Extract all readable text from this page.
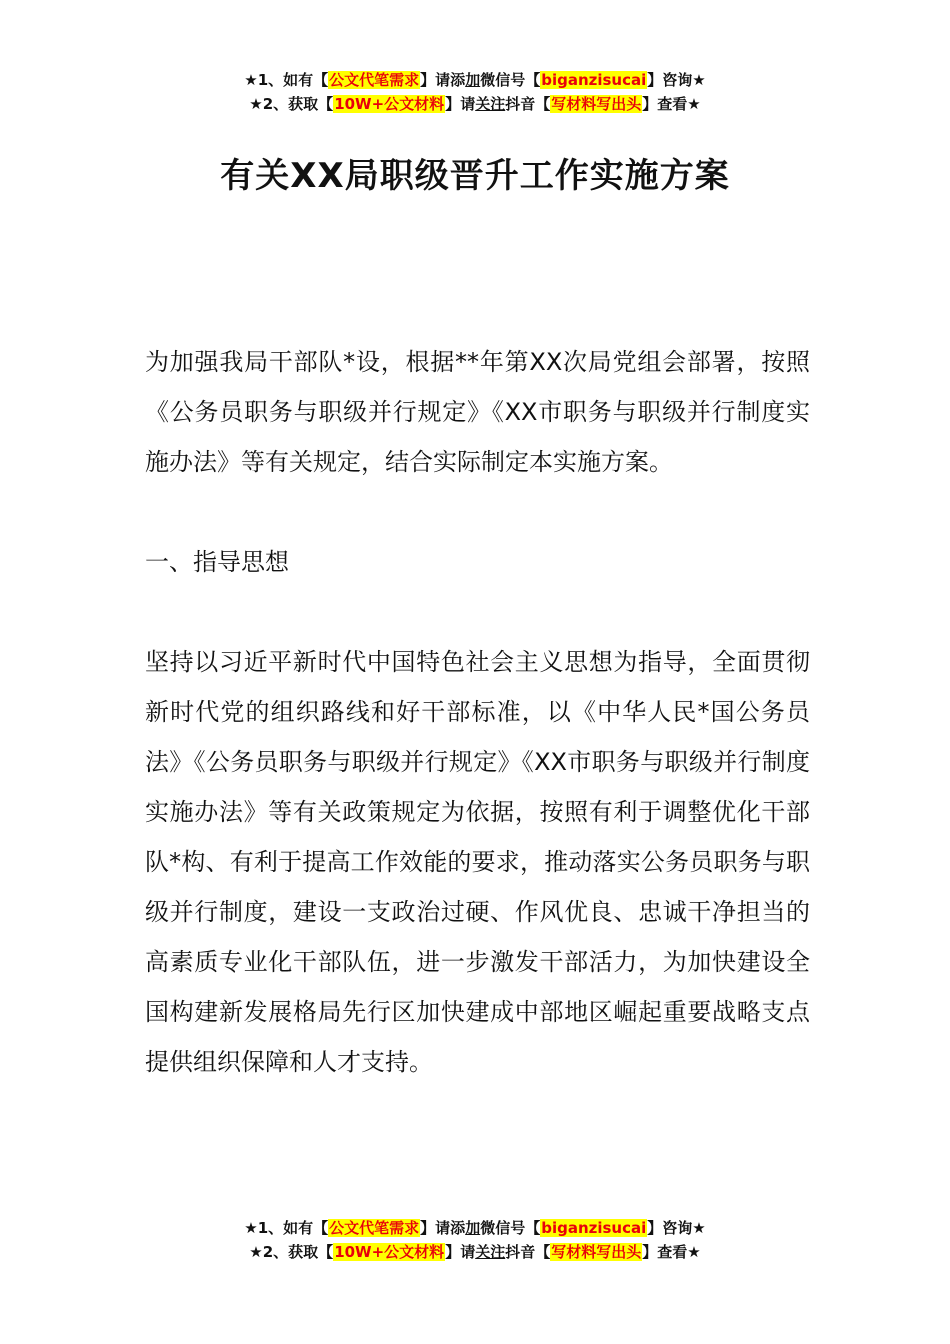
★1、如有【公文代笔需求】请添加微信号【biganzisucai】咨询★
★2、获取【10W+公文材料】请关注抖音【写材料写出头】查看★
有关XX局职级晋升工作实施方案

为加强我局干部队*设，根据**年第XX次局党组会部署，按照《公务员职务与职级并行规定》《XX市职务与职级并行制度实施办法》等有关规定，结合实际制定本实施方案。

一、指导思想

坚持以习近平新时代中国特色社会主义思想为指导，全面贯彻新时代党的组织路线和好干部标准，以《中华人民*国公务员法》《公务员职务与职级并行规定》《XX市职务与职级并行制度实施办法》等有关政策规定为依据，按照有利于调整优化干部队*构、有利于提高工作效能的要求，推动落实公务员职务与职级并行制度，建设一支政治过硬、作风优良、忠诚干净担当的高素质专业化干部队伍，进一步激发干部活力，为加快建设全国构建新发展格局先行区加快建成中部地区崛起重要战略支点提供组织保障和人才支持。

★1、如有【公文代笔需求】请添加微信号【biganzisucai】咨询★
★2、获取【10W+公文材料】请关注抖音【写材料写出头】查看★
